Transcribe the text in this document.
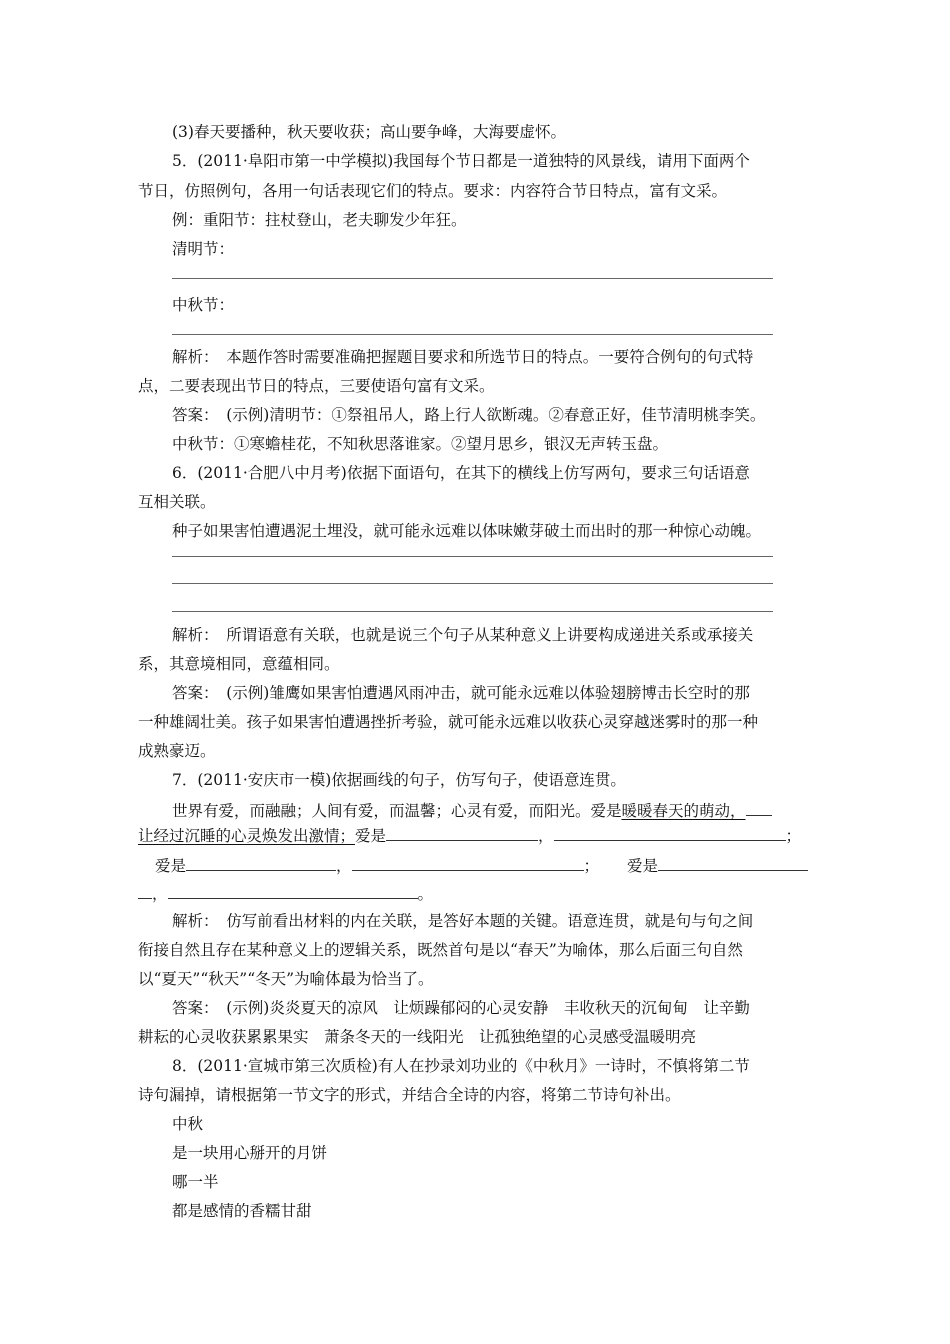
(3)春天要播种，秋天要收获；高山要争峰，大海要虚怀。
5．(2011·阜阳市第一中学模拟)我国每个节日都是一道独特的风景线，请用下面两个
节日，仿照例句，各用一句话表现它们的特点。要求：内容符合节日特点，富有文采。
例：重阳节：拄杖登山，老夫聊发少年狂。
清明节：
中秋节：
解析：　本题作答时需要准确把握题目要求和所选节日的特点。一要符合例句的句式特
点，二要表现出节日的特点，三要使语句富有文采。
答案：　(示例)清明节：①祭祖吊人，路上行人欲断魂。②春意正好，佳节清明桃李笑。
中秋节：①寒蟾桂花，不知秋思落谁家。②望月思乡，银汉无声转玉盘。
6．(2011·合肥八中月考)依据下面语句，在其下的横线上仿写两句，要求三句话语意
互相关联。
种子如果害怕遭遇泥土埋没，就可能永远难以体味嫩芽破土而出时的那一种惊心动魄。
解析：　所谓语意有关联，也就是说三个句子从某种意义上讲要构成递进关系或承接关
系，其意境相同，意蕴相同。
答案：　(示例)雏鹰如果害怕遭遇风雨冲击，就可能永远难以体验翅膀博击长空时的那
一种雄阔壮美。孩子如果害怕遭遇挫折考验，就可能永远难以收获心灵穿越迷雾时的那一种
成熟豪迈。
7．(2011·安庆市一模)依据画线的句子，仿写句子，使语意连贯。
世界有爱，而融融；人间有爱，而温馨；心灵有爱，而阳光。爱是暖暖春天的萌动，
让经过沉睡的心灵焕发出激情；爱是	，	；
爱是	，	； 爱是
，	。
解析：　仿写前看出材料的内在关联，是答好本题的关键。语意连贯，就是句与句之间
衔接自然且存在某种意义上的逻辑关系，既然首句是以“春天”为喻体，那么后面三句自然
以“夏天”“秋天”“冬天”为喻体最为恰当了。
答案：　(示例)炎炎夏天的凉风　让烦躁郁闷的心灵安静　丰收秋天的沉甸甸　让辛勤
耕耘的心灵收获累累果实　萧条冬天的一线阳光　让孤独绝望的心灵感受温暖明亮
8．(2011·宣城市第三次质检)有人在抄录刘功业的《中秋月》一诗时，不慎将第二节
诗句漏掉，请根据第一节文字的形式，并结合全诗的内容，将第二节诗句补出。
中秋
是一块用心掰开的月饼
哪一半
都是感情的香糯甘甜
